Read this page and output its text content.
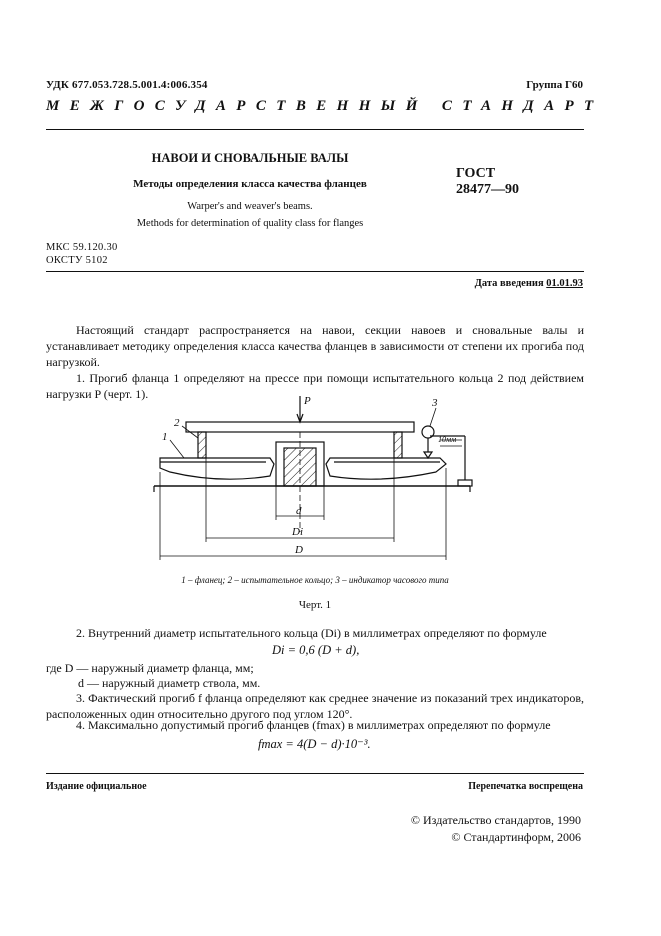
УДК 677.053.728.5.001.4:006.354	Группа Г60
МЕЖГОСУДАРСТВЕННЫЙ СТАНДАРТ
НАВОИ И СНОВАЛЬНЫЕ ВАЛЫ
Методы определения класса качества фланцев
Warper's and weaver's beams.
Methods for determination of quality class for flanges
ГОСТ
28477—90
МКС 59.120.30
ОКСТУ 5102
Дата введения 01.01.93
Настоящий стандарт распространяется на навои, секции навоев и сновальные валы и устанавливает методику определения класса качества фланцев в зависимости от степени их прогиба под нагрузкой.
1. Прогиб фланца 1 определяют на прессе при помощи испытательного кольца 2 под действием нагрузки P (черт. 1).	P
1
2
3
10мм
d
Di
D
1 – фланец; 2 – испытательное кольцо; 3 – индикатор часового типа
Черт. 1
2. Внутренний диаметр испытательного кольца (Di) в миллиметрах определяют по формуле
Di = 0,6 (D + d),
где D — наружный диаметр фланца, мм;
d — наружный диаметр ствола, мм.
3. Фактический прогиб f фланца определяют как среднее значение из показаний трех индикаторов, расположенных один относительно другого под углом 120°.
4. Максимально допустимый прогиб фланцев (fmax) в миллиметрах определяют по формуле
fmax = 4(D − d)·10⁻³.
Издание официальное	Перепечатка воспрещена
© Издательство стандартов, 1990
© Стандартинформ, 2006
